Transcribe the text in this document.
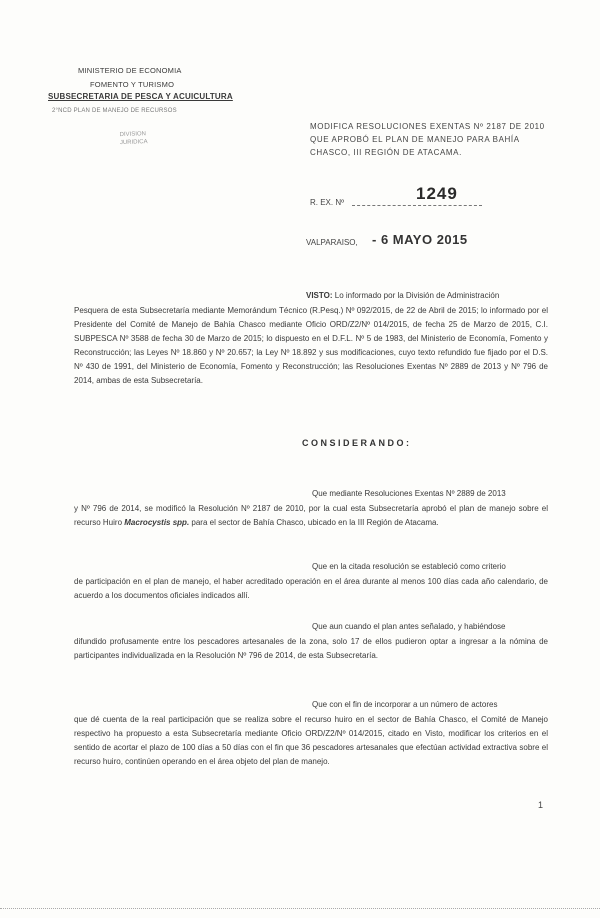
MINISTERIO DE ECONOMIA
FOMENTO Y TURISMO
SUBSECRETARIA DE PESCA Y ACUICULTURA
2°NCD PLAN DE MANEJO DE RECURSOS
DIVISION
JURIDICA
MODIFICA RESOLUCIONES EXENTAS Nº 2187 DE 2010 QUE APROBÓ EL PLAN DE MANEJO PARA BAHÍA CHASCO, III REGIÓN DE ATACAMA.
R. EX. Nº	1249
VALPARAISO, - 6 MAYO 2015
VISTO: Lo informado por la División de Administración
Pesquera de esta Subsecretaría mediante Memorándum Técnico (R.Pesq.) Nº 092/2015, de 22 de Abril de 2015; lo informado por el Presidente del Comité de Manejo de Bahía Chasco mediante Oficio ORD/Z2/Nº 014/2015, de fecha 25 de Marzo de 2015, C.I. SUBPESCA Nº 3588 de fecha 30 de Marzo de 2015; lo dispuesto en el D.F.L. Nº 5 de 1983, del Ministerio de Economía, Fomento y Reconstrucción; las Leyes Nº 18.860 y Nº 20.657; la Ley Nº 18.892 y sus modificaciones, cuyo texto refundido fue fijado por el D.S. Nº 430 de 1991, del Ministerio de Economía, Fomento y Reconstrucción; las Resoluciones Exentas Nº 2889 de 2013 y Nº 796 de 2014, ambas de esta Subsecretaría.
CONSIDERANDO:
Que mediante Resoluciones Exentas Nº 2889 de 2013
y Nº 796 de 2014, se modificó la Resolución Nº 2187 de 2010, por la cual esta Subsecretaría aprobó el plan de manejo sobre el recurso Huiro Macrocystis spp. para el sector de Bahía Chasco, ubicado en la III Región de Atacama.
Que en la citada resolución se estableció como criterio
de participación en el plan de manejo, el haber acreditado operación en el área durante al menos 100 días cada año calendario, de acuerdo a los documentos oficiales indicados allí.
Que aun cuando el plan antes señalado, y habiéndose
difundido profusamente entre los pescadores artesanales de la zona, solo 17 de ellos pudieron optar a ingresar a la nómina de participantes individualizada en la Resolución Nº 796 de 2014, de esta Subsecretaría.
Que con el fin de incorporar a un número de actores
que dé cuenta de la real participación que se realiza sobre el recurso huiro en el sector de Bahía Chasco, el Comité de Manejo respectivo ha propuesto a esta Subsecretaría mediante Oficio ORD/Z2/Nº 014/2015, citado en Visto, modificar los criterios en el sentido de acortar el plazo de 100 días a 50 días con el fin que 36 pescadores artesanales que efectúan actividad extractiva sobre el recurso huiro, continúen operando en el área objeto del plan de manejo.
1
